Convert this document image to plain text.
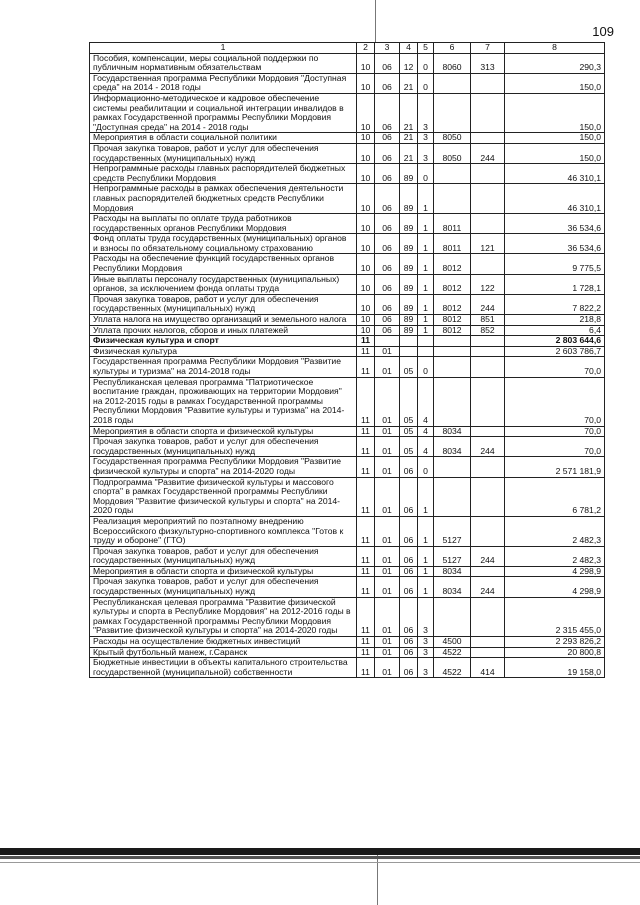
109
1	2	3	4	5	6	7	8
Пособия, компенсации, меры социальной поддержки по публичным нормативным обязательствам	10	06	12	0	8060	313	290,3
Государственная программа Республики Мордовия "Доступная среда" на 2014 - 2018 годы	10	06	21	0			150,0
Информационно-методическое и кадровое обеспечение системы реабилитации и социальной интеграции инвалидов в рамках Государственной программы Республики Мордовия "Доступная среда" на 2014 - 2018 годы	10	06	21	3			150,0
Мероприятия в области социальной политики	10	06	21	3	8050		150,0
Прочая закупка товаров, работ и услуг для обеспечения государственных (муниципальных) нужд	10	06	21	3	8050	244	150,0
Непрограммные расходы главных распорядителей бюджетных средств Республики Мордовия	10	06	89	0			46 310,1
Непрограммные расходы в рамках обеспечения деятельности главных распорядителей бюджетных средств Республики Мордовия	10	06	89	1			46 310,1
Расходы на выплаты по оплате труда работников государственных органов Республики Мордовия	10	06	89	1	8011		36 534,6
Фонд оплаты труда государственных (муниципальных) органов и взносы по обязательному социальному страхованию	10	06	89	1	8011	121	36 534,6
Расходы на обеспечение функций государственных органов Республики Мордовия	10	06	89	1	8012		9 775,5
Иные выплаты персоналу государственных (муниципальных) органов, за исключением фонда оплаты труда	10	06	89	1	8012	122	1 728,1
Прочая закупка товаров, работ и услуг для обеспечения государственных (муниципальных) нужд	10	06	89	1	8012	244	7 822,2
Уплата налога на имущество организаций и земельного налога	10	06	89	1	8012	851	218,8
Уплата прочих налогов, сборов и иных платежей	10	06	89	1	8012	852	6,4
Физическая культура и спорт	11						2 803 644,6
Физическая культура	11	01					2 603 786,7
Государственная программа Республики Мордовия "Развитие культуры и туризма" на 2014-2018 годы	11	01	05	0			70,0
Республиканская целевая программа "Патриотическое воспитание граждан, проживающих на территории Мордовия" на 2012-2015 годы в рамках Государственной программы Республики Мордовия "Развитие культуры и туризма" на 2014-2018 годы	11	01	05	4			70,0
Мероприятия в области спорта и физической культуры	11	01	05	4	8034		70,0
Прочая закупка товаров, работ и услуг для обеспечения государственных (муниципальных) нужд	11	01	05	4	8034	244	70,0
Государственная программа Республики Мордовия "Развитие физической культуры и спорта" на 2014-2020 годы	11	01	06	0			2 571 181,9
Подпрограмма "Развитие физической культуры и массового спорта" в рамках Государственной программы Республики Мордовия "Развитие физической культуры и спорта" на 2014-2020 годы	11	01	06	1			6 781,2
Реализация мероприятий по поэтапному внедрению Всероссийского физкультурно-спортивного комплекса "Готов к труду и обороне" (ГТО)	11	01	06	1	5127		2 482,3
Прочая закупка товаров, работ и услуг для обеспечения государственных (муниципальных) нужд	11	01	06	1	5127	244	2 482,3
Мероприятия в области спорта и физической культуры	11	01	06	1	8034		4 298,9
Прочая закупка товаров, работ и услуг для обеспечения государственных (муниципальных) нужд	11	01	06	1	8034	244	4 298,9
Республиканская целевая программа "Развитие физической культуры и спорта в Республике Мордовия" на 2012-2016 годы в рамках Государственной программы Республики Мордовия "Развитие физической культуры и спорта" на 2014-2020 годы	11	01	06	3			2 315 455,0
Расходы на осуществление бюджетных инвестиций	11	01	06	3	4500		2 293 826,2
Крытый футбольный манеж, г.Саранск	11	01	06	3	4522		20 800,8
Бюджетные инвестиции в объекты капитального строительства государственной (муниципальной) собственности	11	01	06	3	4522	414	19 158,0
